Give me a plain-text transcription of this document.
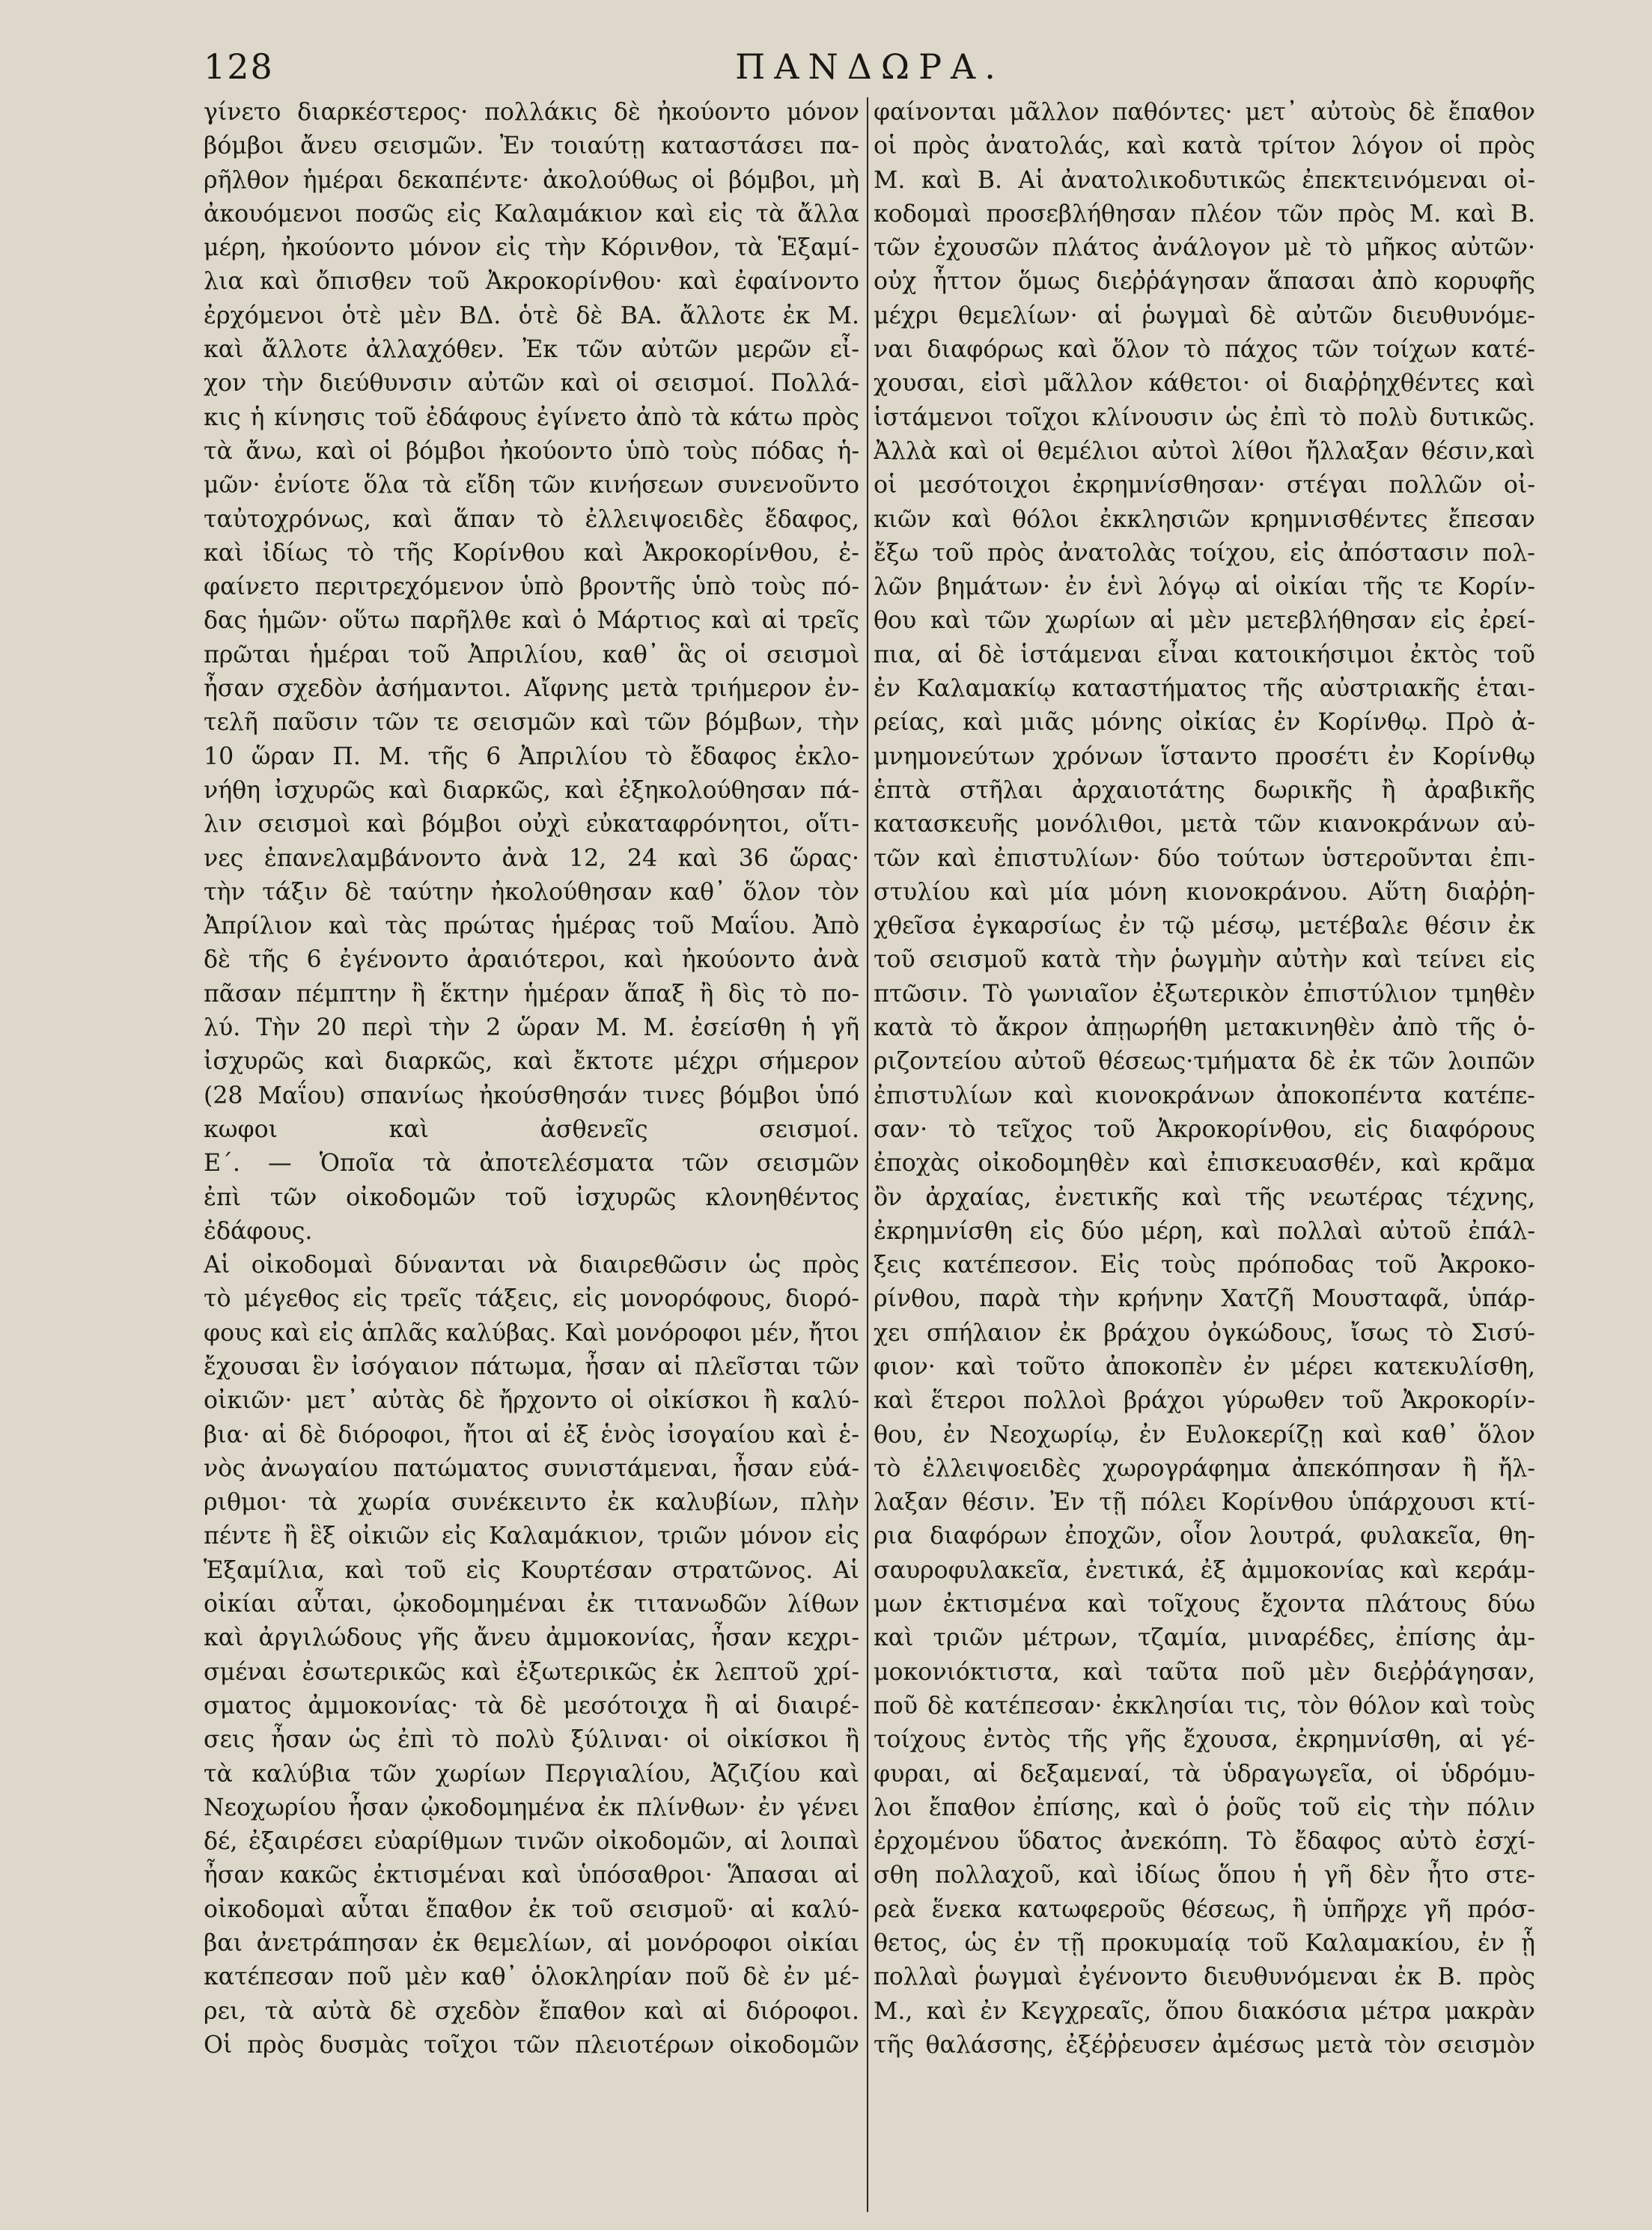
128	ΠΑΝΔΩΡΑ.
γίνετο διαρκέστερος· πολλάκις δὲ ἠκούοντο μόνον
βόμβοι ἄνευ σεισμῶν. Ἐν τοιαύτῃ καταστάσει πα-
ρῆλθον ἡμέραι δεκαπέντε· ἀκολούθως οἱ βόμβοι, μὴ
ἀκουόμενοι ποσῶς εἰς Καλαμάκιον καὶ εἰς τὰ ἄλλα
μέρη, ἠκούοντο μόνον εἰς τὴν Κόρινθον, τὰ Ἑξαμί-
λια καὶ ὄπισθεν τοῦ Ἀκροκορίνθου· καὶ ἐφαίνοντο
ἐρχόμενοι ὁτὲ μὲν ΒΔ. ὁτὲ δὲ ΒΑ. ἄλλοτε ἐκ Μ.
καὶ ἄλλοτε ἀλλαχόθεν. Ἐκ τῶν αὐτῶν μερῶν εἶ-
χον τὴν διεύθυνσιν αὐτῶν καὶ οἱ σεισμοί. Πολλά-
κις ἡ κίνησις τοῦ ἐδάφους ἐγίνετο ἀπὸ τὰ κάτω πρὸς
τὰ ἄνω, καὶ οἱ βόμβοι ἠκούοντο ὑπὸ τοὺς πόδας ἡ-
μῶν· ἐνίοτε ὅλα τὰ εἴδη τῶν κινήσεων συνενοῦντο
ταὐτοχρόνως, καὶ ἅπαν τὸ ἐλλειψοειδὲς ἔδαφος,
καὶ ἰδίως τὸ τῆς Κορίνθου καὶ Ἀκροκορίνθου, ἐ-
φαίνετο περιτρεχόμενον ὑπὸ βροντῆς ὑπὸ τοὺς πό-
δας ἡμῶν· οὕτω παρῆλθε καὶ ὁ Μάρτιος καὶ αἱ τρεῖς
πρῶται ἡμέραι τοῦ Ἀπριλίου, καθ᾽ ἃς οἱ σεισμοὶ
ἦσαν σχεδὸν ἀσήμαντοι. Αἴφνης μετὰ τριήμερον ἐν-
τελῆ παῦσιν τῶν τε σεισμῶν καὶ τῶν βόμβων, τὴν
10 ὥραν Π. Μ. τῆς 6 Ἀπριλίου τὸ ἔδαφος ἐκλο-
νήθη ἰσχυρῶς καὶ διαρκῶς, καὶ ἐξηκολούθησαν πά-
λιν σεισμοὶ καὶ βόμβοι οὐχὶ εὐκαταφρόνητοι, οἵτι-
νες ἐπανελαμβάνοντο ἀνὰ 12, 24 καὶ 36 ὥρας·
τὴν τάξιν δὲ ταύτην ἠκολούθησαν καθ᾽ ὅλον τὸν
Ἀπρίλιον καὶ τὰς πρώτας ἡμέρας τοῦ Μαΐου. Ἀπὸ
δὲ τῆς 6 ἐγένοντο ἀραιότεροι, καὶ ἠκούοντο ἀνὰ
πᾶσαν πέμπτην ἢ ἕκτην ἡμέραν ἅπαξ ἢ δὶς τὸ πο-
λύ. Τὴν 20 περὶ τὴν 2 ὥραν Μ. Μ. ἐσείσθη ἡ γῆ
ἰσχυρῶς καὶ διαρκῶς, καὶ ἔκτοτε μέχρι σήμερον
(28 Μαΐου) σπανίως ἠκούσθησάν τινες βόμβοι ὑπό
κωφοι καὶ ἀσθενεῖς σεισμοί.
Ε΄. — Ὁποῖα τὰ ἀποτελέσματα τῶν σεισμῶν
ἐπὶ τῶν οἰκοδομῶν τοῦ ἰσχυρῶς κλονηθέντος
ἐδάφους.
Αἱ οἰκοδομαὶ δύνανται νὰ διαιρεθῶσιν ὡς πρὸς
τὸ μέγεθος εἰς τρεῖς τάξεις, εἰς μονορόφους, διορό-
φους καὶ εἰς ἁπλᾶς καλύβας. Καὶ μονόροφοι μέν, ἤτοι
ἔχουσαι ἓν ἰσόγαιον πάτωμα, ἦσαν αἱ πλεῖσται τῶν
οἰκιῶν· μετ᾽ αὐτὰς δὲ ἤρχοντο οἱ οἰκίσκοι ἢ καλύ-
βια· αἱ δὲ διόροφοι, ἤτοι αἱ ἐξ ἑνὸς ἰσογαίου καὶ ἑ-
νὸς ἀνωγαίου πατώματος συνιστάμεναι, ἦσαν εὐά-
ριθμοι· τὰ χωρία συνέκειντο ἐκ καλυβίων, πλὴν
πέντε ἢ ἓξ οἰκιῶν εἰς Καλαμάκιον, τριῶν μόνον εἰς
Ἑξαμίλια, καὶ τοῦ εἰς Κουρτέσαν στρατῶνος. Αἱ
οἰκίαι αὗται, ᾠκοδομημέναι ἐκ τιτανωδῶν λίθων
καὶ ἀργιλώδους γῆς ἄνευ ἀμμοκονίας, ἦσαν κεχρι-
σμέναι ἐσωτερικῶς καὶ ἐξωτερικῶς ἐκ λεπτοῦ χρί-
σματος ἀμμοκονίας· τὰ δὲ μεσότοιχα ἢ αἱ διαιρέ-
σεις ἦσαν ὡς ἐπὶ τὸ πολὺ ξύλιναι· οἱ οἰκίσκοι ἢ
τὰ καλύβια τῶν χωρίων Περγιαλίου, Ἀζιζίου καὶ
Νεοχωρίου ἦσαν ᾠκοδομημένα ἐκ πλίνθων· ἐν γένει
δέ, ἐξαιρέσει εὐαρίθμων τινῶν οἰκοδομῶν, αἱ λοιπαὶ
ἦσαν κακῶς ἐκτισμέναι καὶ ὑπόσαθροι· Ἅπασαι αἱ
οἰκοδομαὶ αὗται ἔπαθον ἐκ τοῦ σεισμοῦ· αἱ καλύ-
βαι ἀνετράπησαν ἐκ θεμελίων, αἱ μονόροφοι οἰκίαι
κατέπεσαν ποῦ μὲν καθ᾽ ὁλοκληρίαν ποῦ δὲ ἐν μέ-
ρει, τὰ αὐτὰ δὲ σχεδὸν ἔπαθον καὶ αἱ διόροφοι.
Οἱ πρὸς δυσμὰς τοῖχοι τῶν πλειοτέρων οἰκοδομῶν
φαίνονται μᾶλλον παθόντες· μετ᾽ αὐτοὺς δὲ ἔπαθον
οἱ πρὸς ἀνατολάς, καὶ κατὰ τρίτον λόγον οἱ πρὸς
Μ. καὶ Β. Αἱ ἀνατολικοδυτικῶς ἐπεκτεινόμεναι οἰ-
κοδομαὶ προσεβλήθησαν πλέον τῶν πρὸς Μ. καὶ Β.
τῶν ἐχουσῶν πλάτος ἀνάλογον μὲ τὸ μῆκος αὐτῶν·
οὐχ ἧττον ὅμως διεῤῥάγησαν ἅπασαι ἀπὸ κορυφῆς
μέχρι θεμελίων· αἱ ῥωγμαὶ δὲ αὐτῶν διευθυνόμε-
ναι διαφόρως καὶ ὅλον τὸ πάχος τῶν τοίχων κατέ-
χουσαι, εἰσὶ μᾶλλον κάθετοι· οἱ διαῤῥηχθέντες καὶ
ἱστάμενοι τοῖχοι κλίνουσιν ὡς ἐπὶ τὸ πολὺ δυτικῶς.
Ἀλλὰ καὶ οἱ θεμέλιοι αὐτοὶ λίθοι ἤλλαξαν θέσιν,καὶ
οἱ μεσότοιχοι ἐκρημνίσθησαν· στέγαι πολλῶν οἰ-
κιῶν καὶ θόλοι ἐκκλησιῶν κρημνισθέντες ἔπεσαν
ἔξω τοῦ πρὸς ἀνατολὰς τοίχου, εἰς ἀπόστασιν πολ-
λῶν βημάτων· ἐν ἑνὶ λόγῳ αἱ οἰκίαι τῆς τε Κορίν-
θου καὶ τῶν χωρίων αἱ μὲν μετεβλήθησαν εἰς ἐρεί-
πια, αἱ δὲ ἱστάμεναι εἶναι κατοικήσιμοι ἐκτὸς τοῦ
ἐν Καλαμακίῳ καταστήματος τῆς αὐστριακῆς ἑται-
ρείας, καὶ μιᾶς μόνης οἰκίας ἐν Κορίνθῳ. Πρὸ ἀ-
μνημονεύτων χρόνων ἵσταντο προσέτι ἐν Κορίνθῳ
ἑπτὰ στῆλαι ἀρχαιοτάτης δωρικῆς ἢ ἀραβικῆς
κατασκευῆς μονόλιθοι, μετὰ τῶν κιανοκράνων αὐ-
τῶν καὶ ἐπιστυλίων· δύο τούτων ὑστεροῦνται ἐπι-
στυλίου καὶ μία μόνη κιονοκράνου. Αὕτη διαῤῥη-
χθεῖσα ἐγκαρσίως ἐν τῷ μέσῳ, μετέβαλε θέσιν ἐκ
τοῦ σεισμοῦ κατὰ τὴν ῥωγμὴν αὐτὴν καὶ τείνει εἰς
πτῶσιν. Τὸ γωνιαῖον ἐξωτερικὸν ἐπιστύλιον τμηθὲν
κατὰ τὸ ἄκρον ἀπῃωρήθη μετακινηθὲν ἀπὸ τῆς ὁ-
ριζοντείου αὐτοῦ θέσεως·τμήματα δὲ ἐκ τῶν λοιπῶν
ἐπιστυλίων καὶ κιονοκράνων ἀποκοπέντα κατέπε-
σαν· τὸ τεῖχος τοῦ Ἀκροκορίνθου, εἰς διαφόρους
ἐποχὰς οἰκοδομηθὲν καὶ ἐπισκευασθέν, καὶ κρᾶμα
ὂν ἀρχαίας, ἐνετικῆς καὶ τῆς νεωτέρας τέχνης,
ἐκρημνίσθη εἰς δύο μέρη, καὶ πολλαὶ αὐτοῦ ἐπάλ-
ξεις κατέπεσον. Εἰς τοὺς πρόποδας τοῦ Ἀκροκο-
ρίνθου, παρὰ τὴν κρήνην Χατζῆ Μουσταφᾶ, ὑπάρ-
χει σπήλαιον ἐκ βράχου ὀγκώδους, ἴσως τὸ Σισύ-
φιον· καὶ τοῦτο ἀποκοπὲν ἐν μέρει κατεκυλίσθη,
καὶ ἕτεροι πολλοὶ βράχοι γύρωθεν τοῦ Ἀκροκορίν-
θου, ἐν Νεοχωρίῳ, ἐν Ευλοκερίζῃ καὶ καθ᾽ ὅλον
τὸ ἐλλειψοειδὲς χωρογράφημα ἀπεκόπησαν ἢ ἤλ-
λαξαν θέσιν. Ἐν τῇ πόλει Κορίνθου ὑπάρχουσι κτί-
ρια διαφόρων ἐποχῶν, οἷον λουτρά, φυλακεῖα, θη-
σαυροφυλακεῖα, ἐνετικά, ἐξ ἀμμοκονίας καὶ κεράμ-
μων ἐκτισμένα καὶ τοῖχους ἔχοντα πλάτους δύω
καὶ τριῶν μέτρων, τζαμία, μιναρέδες, ἐπίσης ἀμ-
μοκονιόκτιστα, καὶ ταῦτα ποῦ μὲν διεῤῥάγησαν,
ποῦ δὲ κατέπεσαν· ἐκκλησίαι τις, τὸν θόλον καὶ τοὺς
τοίχους ἐντὸς τῆς γῆς ἔχουσα, ἐκρημνίσθη, αἱ γέ-
φυραι, αἱ δεξαμεναί, τὰ ὑδραγωγεῖα, οἱ ὑδρόμυ-
λοι ἔπαθον ἐπίσης, καὶ ὁ ῥοῦς τοῦ εἰς τὴν πόλιν
ἐρχομένου ὕδατος ἀνεκόπη. Τὸ ἔδαφος αὐτὸ ἐσχί-
σθη πολλαχοῦ, καὶ ἰδίως ὅπου ἡ γῆ δὲν ἦτο στε-
ρεὰ ἕνεκα κατωφεροῦς θέσεως, ἢ ὑπῆρχε γῆ πρόσ-
θετος, ὡς ἐν τῇ προκυμαίᾳ τοῦ Καλαμακίου, ἐν ᾗ
πολλαὶ ῥωγμαὶ ἐγένοντο διευθυνόμεναι ἐκ Β. πρὸς
Μ., καὶ ἐν Κεγχρεαῖς, ὅπου διακόσια μέτρα μακρὰν
τῆς θαλάσσης, ἐξέῤῥευσεν ἀμέσως μετὰ τὸν σεισμὸν
